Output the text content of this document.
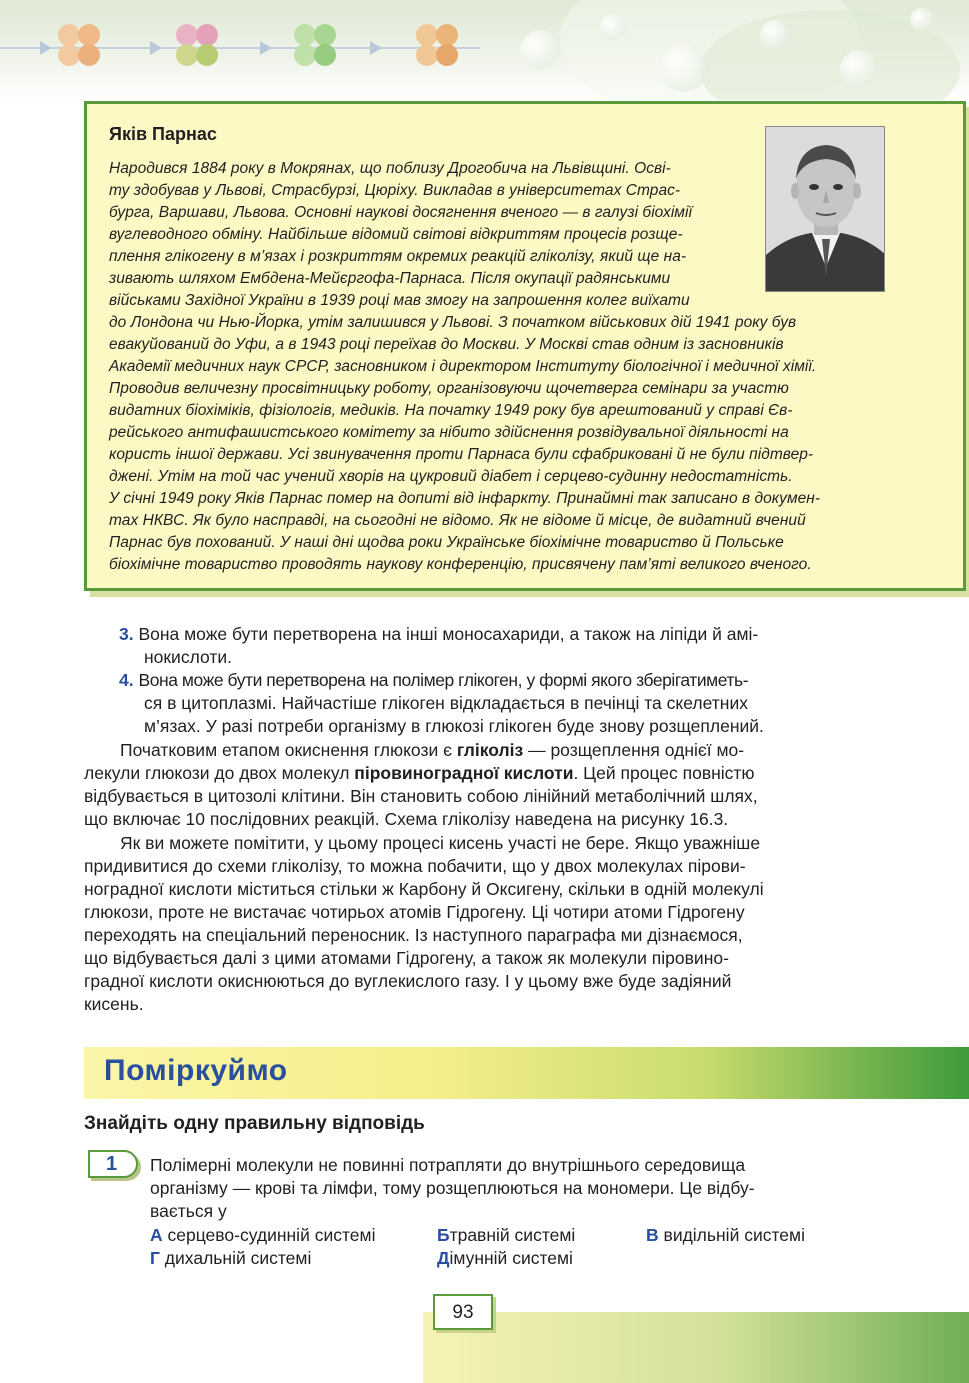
Яків Парнас
Народився 1884 року в Мокрянах, що поблизу Дрогобича на Львівщині. Осві-
ту здобував у Львові, Страсбурзі, Цюріху. Викладав в університетах Страс-
бурга, Варшави, Львова. Основні наукові досягнення вченого — в галузі біохімії
вуглеводного обміну. Найбільше відомий світові відкриттям процесів розще-
плення глікогену в м’язах і розкриттям окремих реакцій гліколізу, який ще на-
зивають шляхом Ембдена-Мейєргофа-Парнаса. Після окупації радянськими
військами Західної України в 1939 році мав змогу на запрошення колег виїхати
до Лондона чи Нью-Йорка, утім залишився у Львові. З початком військових дій 1941 року був
евакуйований до Уфи, а в 1943 році переїхав до Москви. У Москві став одним із засновників
Академії медичних наук СРСР, засновником і директором Інституту біологічної і медичної хімії.
Проводив величезну просвітницьку роботу, організовуючи щочетверга семінари за участю
видатних біохіміків, фізіологів, медиків. На початку 1949 року був арештований у справі Єв-
рейського антифашистського комітету за нібито здійснення розвідувальної діяльності на
користь іншої держави. Усі звинувачення проти Парнаса були сфабриковані й не були підтвер-
джені. Утім на той час учений хворів на цукровий діабет і серцево-судинну недостатність.
У січні 1949 року Яків Парнас помер на допиті від інфаркту. Принаймні так записано в докумен-
тах НКВС. Як було насправді, на сьогодні не відомо. Як не відоме й місце, де видатний вчений
Парнас був похований. У наші дні щодва роки Українське біохімічне товариство й Польське
біохімічне товариство проводять наукову конференцію, присвячену пам’яті великого вченого.
3. Вона може бути перетворена на інші моносахариди, а також на ліпіди й амі-
нокислоти.
4. Вона може бути перетворена на полімер глікоген, у формі якого зберігатиметь-
ся в цитоплазмі. Найчастіше глікоген відкладається в печінці та скелетних
м’язах. У разі потреби організму в глюкозі глікоген буде знову розщеплений.
Початковим етапом окиснення глюкози є гліколіз — розщеплення однієї мо-
лекули глюкози до двох молекул піровиноградної кислоти. Цей процес повністю
відбувається в цитозолі клітини. Він становить собою лінійний метаболічний шлях,
що включає 10 послідовних реакцій. Схема гліколізу наведена на рисунку 16.3.
Як ви можете помітити, у цьому процесі кисень участі не бере. Якщо уважніше
придивитися до схеми гліколізу, то можна побачити, що у двох молекулах пірови-
ноградної кислоти міститься стільки ж Карбону й Оксигену, скільки в одній молекулі
глюкози, проте не вистачає чотирьох атомів Гідрогену. Ці чотири атоми Гідрогену
переходять на спеціальний переносник. Із наступного параграфа ми дізнаємося,
що відбувається далі з цими атомами Гідрогену, а також як молекули піровино-
градної кислоти окиснюються до вуглекислого газу. І у цьому вже буде задіяний
кисень.
Поміркуймо
Знайдіть одну правильну відповідь
1 Полімерні молекули не повинні потрапляти до внутрішнього середовища
організму — крові та лімфи, тому розщеплюються на мономери. Це відбу-
вається у
А серцево-судинній системі	Бтравній системі	В видільній системі
Г дихальній системі	Дімунній системі
93
